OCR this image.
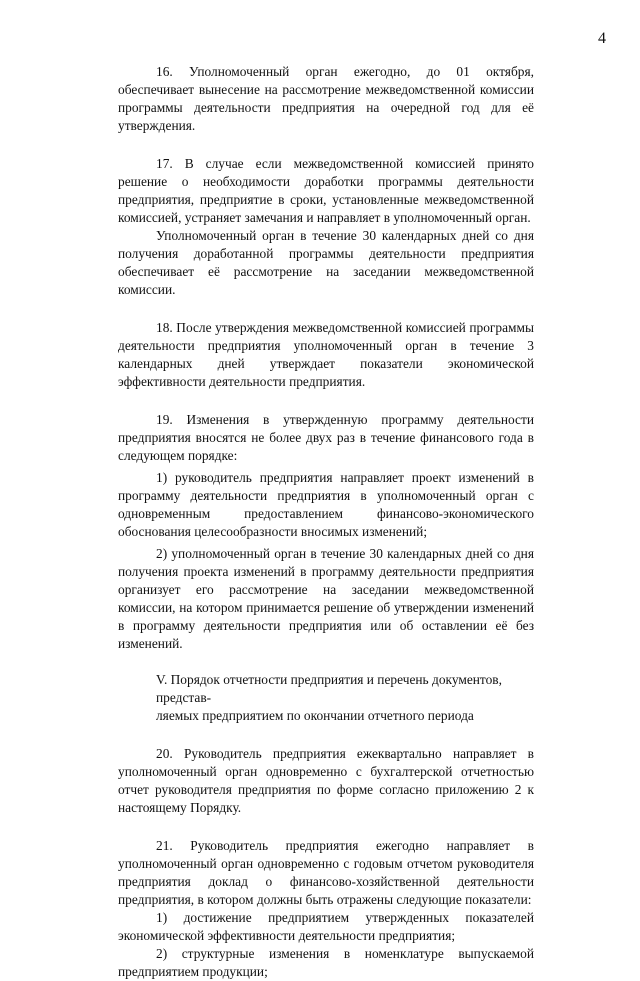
4

16. Уполномоченный орган ежегодно, до 01 октября, обеспечивает вынесение на рассмотрение межведомственной комиссии программы деятельности предприятия на очередной год для её утверждения.

17. В случае если межведомственной комиссией принято решение о необходимости доработки программы деятельности предприятия, предприятие в сроки, установленные межведомственной комиссией, устраняет замечания и направляет в уполномоченный орган.

Уполномоченный орган в течение 30 календарных дней со дня получения доработанной программы деятельности предприятия обеспечивает её рассмотрение на заседании межведомственной комиссии.

18. После утверждения межведомственной комиссией программы деятельности предприятия уполномоченный орган в течение 3 календарных дней утверждает показатели экономической эффективности деятельности предприятия.

19. Изменения в утвержденную программу деятельности предприятия вносятся не более двух раз в течение финансового года в следующем порядке:

1) руководитель предприятия направляет проект изменений в программу деятельности предприятия в уполномоченный орган с одновременным предоставлением финансово-экономического обоснования целесообразности вносимых изменений;

2) уполномоченный орган в течение 30 календарных дней со дня получения проекта изменений в программу деятельности предприятия организует его рассмотрение на заседании межведомственной комиссии, на котором принимается решение об утверждении изменений в программу деятельности предприятия или об оставлении её без изменений.

V. Порядок отчетности предприятия и перечень документов, представ-
ляемых предприятием по окончании отчетного периода

20. Руководитель предприятия ежеквартально направляет в уполномоченный орган одновременно с бухгалтерской отчетностью отчет руководителя предприятия по форме согласно приложению 2 к настоящему Порядку.

21. Руководитель предприятия ежегодно направляет в уполномоченный орган одновременно с годовым отчетом руководителя предприятия доклад о финансово-хозяйственной деятельности предприятия, в котором должны быть отражены следующие показатели:

1) достижение предприятием утвержденных показателей экономической эффективности деятельности предприятия;

2) структурные изменения в номенклатуре выпускаемой предприятием продукции;
